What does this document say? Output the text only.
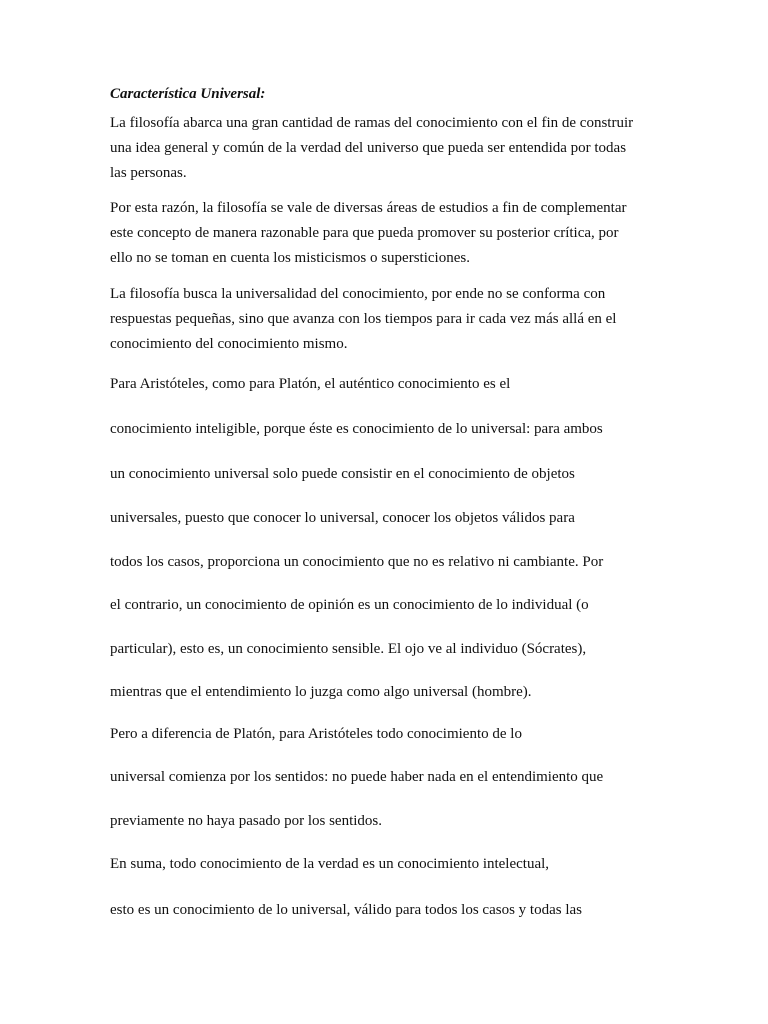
Característica Universal:
La filosofía abarca una gran cantidad de ramas del conocimiento con el fin de construir
una idea general y común de la verdad del universo que pueda ser entendida por todas
las personas.
Por esta razón, la filosofía se vale de diversas áreas de estudios a fin de complementar
este concepto de manera razonable para que pueda promover su posterior crítica, por
ello no se toman en cuenta los misticismos o supersticiones.
La filosofía busca la universalidad del conocimiento, por ende no se conforma con
respuestas pequeñas, sino que avanza con los tiempos para ir cada vez más allá en el
conocimiento del conocimiento mismo.
Para Aristóteles, como para Platón, el auténtico conocimiento es el
conocimiento inteligible, porque éste es conocimiento de lo universal: para ambos
un conocimiento universal solo puede consistir en el conocimiento de objetos
universales, puesto que conocer lo universal, conocer los objetos válidos para
todos los casos, proporciona un conocimiento que no es relativo ni cambiante. Por
el contrario, un conocimiento de opinión es un conocimiento de lo individual (o
particular), esto es, un conocimiento sensible. El ojo ve al individuo (Sócrates),
mientras que el entendimiento lo juzga como algo universal (hombre).
Pero a diferencia de Platón, para Aristóteles todo conocimiento de lo
universal comienza por los sentidos: no puede haber nada en el entendimiento que
previamente no haya pasado por los sentidos.
En suma, todo conocimiento de la verdad es un conocimiento intelectual,
esto es un conocimiento de lo universal, válido para todos los casos y todas las
